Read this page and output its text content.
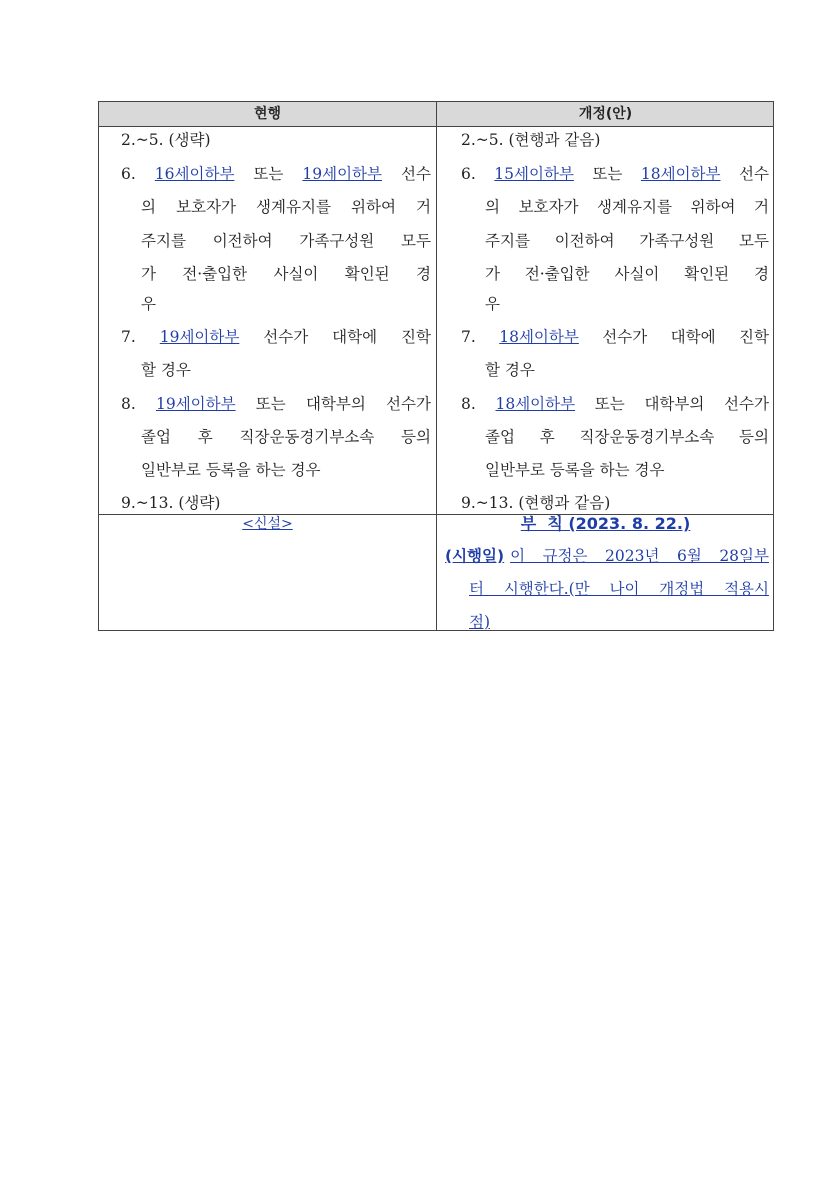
현행	개정(안)
2.~5. (생략)
6. 16세이하부 또는 19세이하부 선수
의 보호자가 생계유지를 위하여 거
주지를 이전하여 가족구성원 모두
가 전·출입한 사실이 확인된 경
우
7. 19세이하부 선수가 대학에 진학
할 경우
8. 19세이하부 또는 대학부의 선수가
졸업 후 직장운동경기부소속 등의
일반부로 등록을 하는 경우
9.~13. (생략)
<신설>
2.~5. (현행과 같음)
6. 15세이하부 또는 18세이하부 선수
의 보호자가 생계유지를 위하여 거
주지를 이전하여 가족구성원 모두
가 전·출입한 사실이 확인된 경
우
7. 18세이하부 선수가 대학에 진학
할 경우
8. 18세이하부 또는 대학부의 선수가
졸업 후 직장운동경기부소속 등의
일반부로 등록을 하는 경우
9.~13. (현행과 같음)
부  칙 (2023. 8. 22.)
(시행일) 이 규정은 2023년 6월 28일부
터 시행한다.(만 나이 개정법 적용시
점)
